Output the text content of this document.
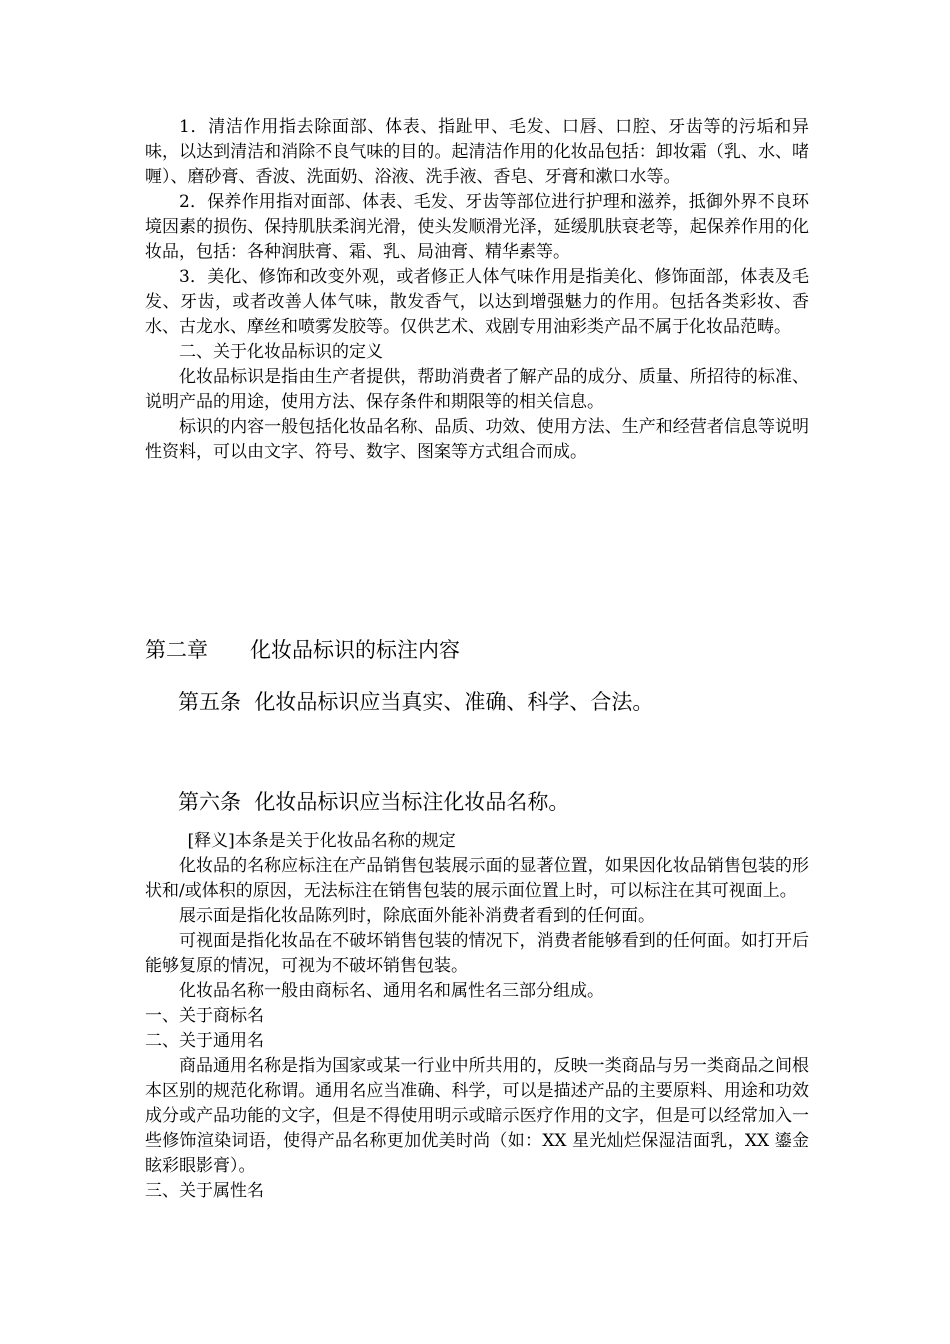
1．清洁作用指去除面部、体表、指趾甲、毛发、口唇、口腔、牙齿等的污垢和异味，以达到清洁和消除不良气味的目的。起清洁作用的化妆品包括：卸妆霜（乳、水、啫喱）、磨砂膏、香波、洗面奶、浴液、洗手液、香皂、牙膏和漱口水等。

2．保养作用指对面部、体表、毛发、牙齿等部位进行护理和滋养，抵御外界不良环境因素的损伤、保持肌肤柔润光滑，使头发顺滑光泽，延缓肌肤衰老等，起保养作用的化妆品，包括：各种润肤膏、霜、乳、局油膏、精华素等。

3．美化、修饰和改变外观，或者修正人体气味作用是指美化、修饰面部，体表及毛发、牙齿，或者改善人体气味，散发香气，以达到增强魅力的作用。包括各类彩妆、香水、古龙水、摩丝和喷雾发胶等。仅供艺术、戏剧专用油彩类产品不属于化妆品范畴。

二、关于化妆品标识的定义

化妆品标识是指由生产者提供，帮助消费者了解产品的成分、质量、所招待的标准、说明产品的用途，使用方法、保存条件和期限等的相关信息。

标识的内容一般包括化妆品名称、品质、功效、使用方法、生产和经营者信息等说明性资料，可以由文字、符号、数字、图案等方式组合而成。

第二章　　化妆品标识的标注内容

第五条  化妆品标识应当真实、准确、科学、合法。

第六条  化妆品标识应当标注化妆品名称。

[释义]本条是关于化妆品名称的规定

化妆品的名称应标注在产品销售包装展示面的显著位置，如果因化妆品销售包装的形状和/或体积的原因，无法标注在销售包装的展示面位置上时，可以标注在其可视面上。

展示面是指化妆品陈列时，除底面外能补消费者看到的任何面。

可视面是指化妆品在不破坏销售包装的情况下，消费者能够看到的任何面。如打开后能够复原的情况，可视为不破坏销售包装。

化妆品名称一般由商标名、通用名和属性名三部分组成。

一、关于商标名

二、关于通用名

商品通用名称是指为国家或某一行业中所共用的，反映一类商品与另一类商品之间根本区别的规范化称谓。通用名应当准确、科学，可以是描述产品的主要原料、用途和功效成分或产品功能的文字，但是不得使用明示或暗示医疗作用的文字，但是可以经常加入一些修饰渲染词语，使得产品名称更加优美时尚（如：XX 星光灿烂保湿洁面乳，XX 鎏金眩彩眼影膏）。

三、关于属性名
